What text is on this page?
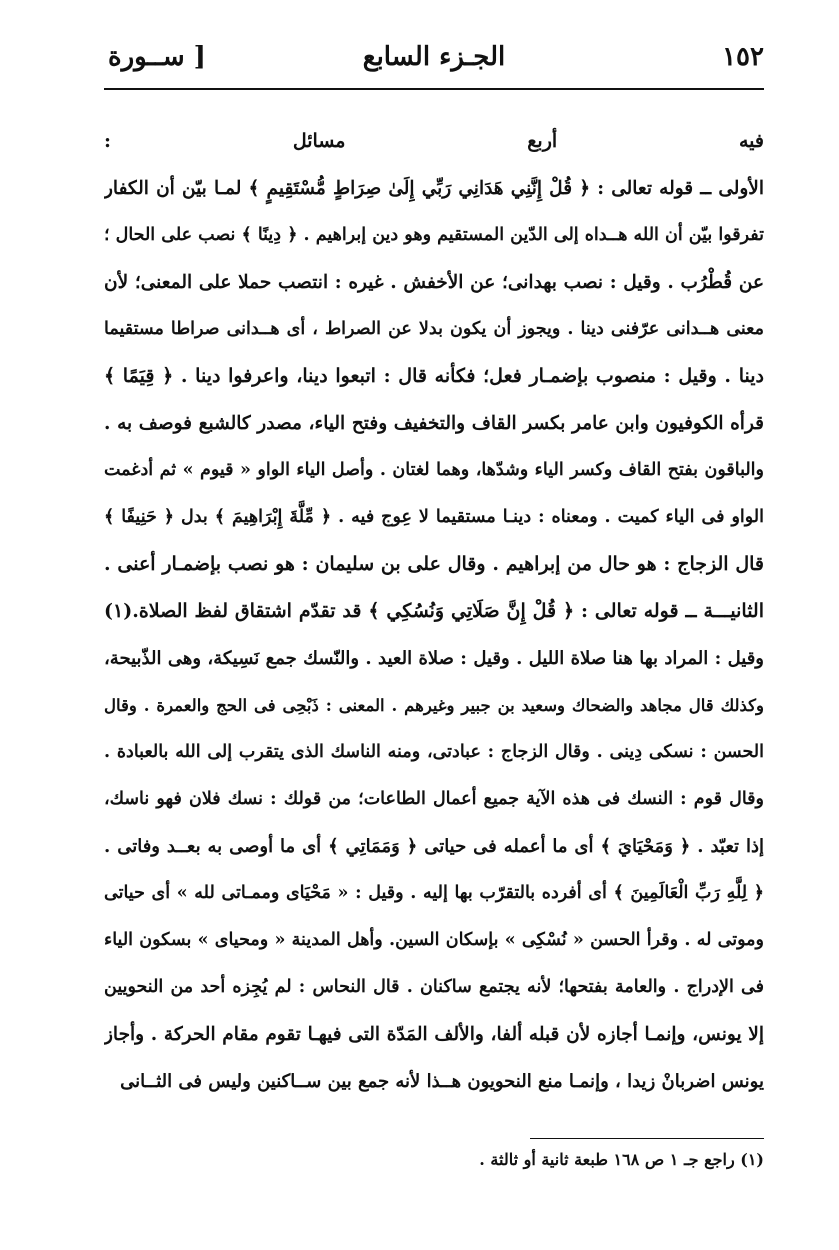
١٥٢
الجـزء السابع
[ ســورة
فيه أربع مسائل :
الأولى ــ قوله تعالى : ﴿ قُلْ إِنَّنِي هَدَانِي رَبِّي إِلَىٰ صِرَاطٍ مُّسْتَقِيمٍ ﴾ لمـا بيّن أن الكفار
تفرقوا بيّن أن الله هــداه إلى الدّين المستقيم وهو دين إبراهيم . ﴿ دِينًا ﴾ نصب على الحال ؛
عن قُطْرُب . وقيل : نصب بهدانى؛ عن الأخفش . غيره : انتصب حملا على المعنى؛ لأن
معنى هــدانى عرّفنى دينا . ويجوز أن يكون بدلا عن الصراط ، أى هــدانى صراطا مستقيما
دينا . وقيل : منصوب بإضمـار فعل؛ فكأنه قال : اتبعوا دينا، واعرفوا دينا . ﴿ قِيَمًا ﴾
قرأه الكوفيون وابن عامر بكسر القاف والتخفيف وفتح الياء، مصدر كالشبع فوصف به .
والباقون بفتح القاف وكسر الياء وشدّها، وهما لغتان . وأصل الياء الواو « قيوم » ثم أدغمت
الواو فى الياء كميت . ومعناه : دينـا مستقيما لا عِوج فيه . ﴿ مِّلَّةَ إِبْرَاهِيمَ ﴾ بدل ﴿ حَنِيفًا ﴾
قال الزجاج : هو حال من إبراهيم . وقال على بن سليمان : هو نصب بإضمـار أعنى .
الثانيـــة ــ قوله تعالى : ﴿ قُلْ إِنَّ صَلَاتِي وَنُسُكِي ﴾ قد تقدّم اشتقاق لفظ الصلاة.(١)
وقيل : المراد بها هنا صلاة الليل . وقيل : صلاة العيد . والنّسك جمع نَسِيكة، وهى الذّبيحة،
وكذلك قال مجاهد والضحاك وسعيد بن جبير وغيرهم . المعنى : ذَبْحِى فى الحج والعمرة . وقال
الحسن : نسكى دِينى . وقال الزجاج : عبادتى، ومنه الناسك الذى يتقرب إلى الله بالعبادة .
وقال قوم : النسك فى هذه الآية جميع أعمال الطاعات؛ من قولك : نسك فلان فهو ناسك،
إذا تعبّد . ﴿ وَمَحْيَايَ ﴾ أى ما أعمله فى حياتى ﴿ وَمَمَاتِي ﴾ أى ما أوصى به بعــد وفاتى .
﴿ لِلَّهِ رَبِّ الْعَالَمِينَ ﴾ أى أفرده بالتقرّب بها إليه . وقيل : « مَحْيَاى وممـاتى لله » أى حياتى
وموتى له . وقرأ الحسن « نُسْكِى » بإسكان السين. وأهل المدينة « ومحياى » بسكون الياء
فى الإدراج . والعامة بفتحها؛ لأنه يجتمع ساكنان . قال النحاس : لم يُجِزه أحد من النحويين
إلا يونس، وإنمـا أجازه لأن قبله ألفا، والألف المَدّة التى فيهـا تقوم مقام الحركة . وأجاز
يونس اضربانْ زيدا ، وإنمـا منع النحويون هــذا لأنه جمع بين ســاكنين وليس فى الثــانى
(١) راجع جـ ١ ص ١٦٨ طبعة ثانية أو ثالثة .
